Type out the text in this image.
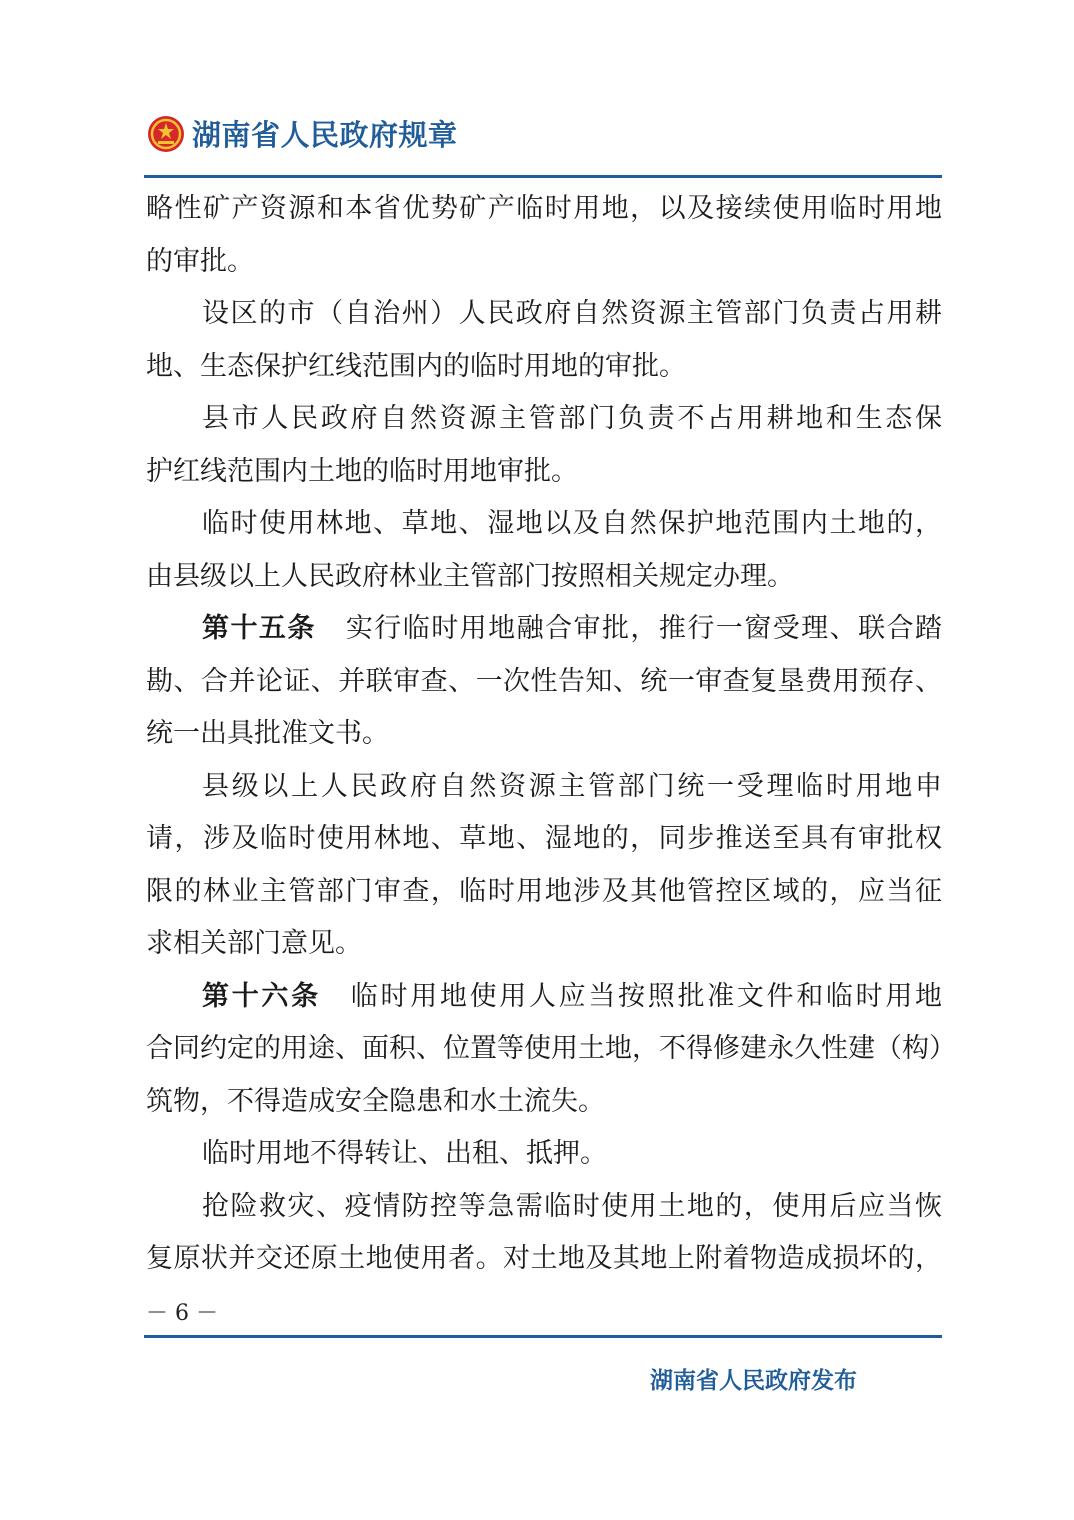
湖南省人民政府规章
略性矿产资源和本省优势矿产临时用地，以及接续使用临时用地
的审批。
设区的市（自治州）人民政府自然资源主管部门负责占用耕
地、生态保护红线范围内的临时用地的审批。
县市人民政府自然资源主管部门负责不占用耕地和生态保
护红线范围内土地的临时用地审批。
临时使用林地、草地、湿地以及自然保护地范围内土地的，
由县级以上人民政府林业主管部门按照相关规定办理。
第十五条 实行临时用地融合审批，推行一窗受理、联合踏
勘、合并论证、并联审查、一次性告知、统一审查复垦费用预存、
统一出具批准文书。
县级以上人民政府自然资源主管部门统一受理临时用地申
请，涉及临时使用林地、草地、湿地的，同步推送至具有审批权
限的林业主管部门审查，临时用地涉及其他管控区域的，应当征
求相关部门意见。
第十六条 临时用地使用人应当按照批准文件和临时用地
合同约定的用途、面积、位置等使用土地，不得修建永久性建（构）
筑物，不得造成安全隐患和水土流失。
临时用地不得转让、出租、抵押。
抢险救灾、疫情防控等急需临时使用土地的，使用后应当恢
复原状并交还原土地使用者。对土地及其地上附着物造成损坏的，
－ 6 －
湖南省人民政府发布
